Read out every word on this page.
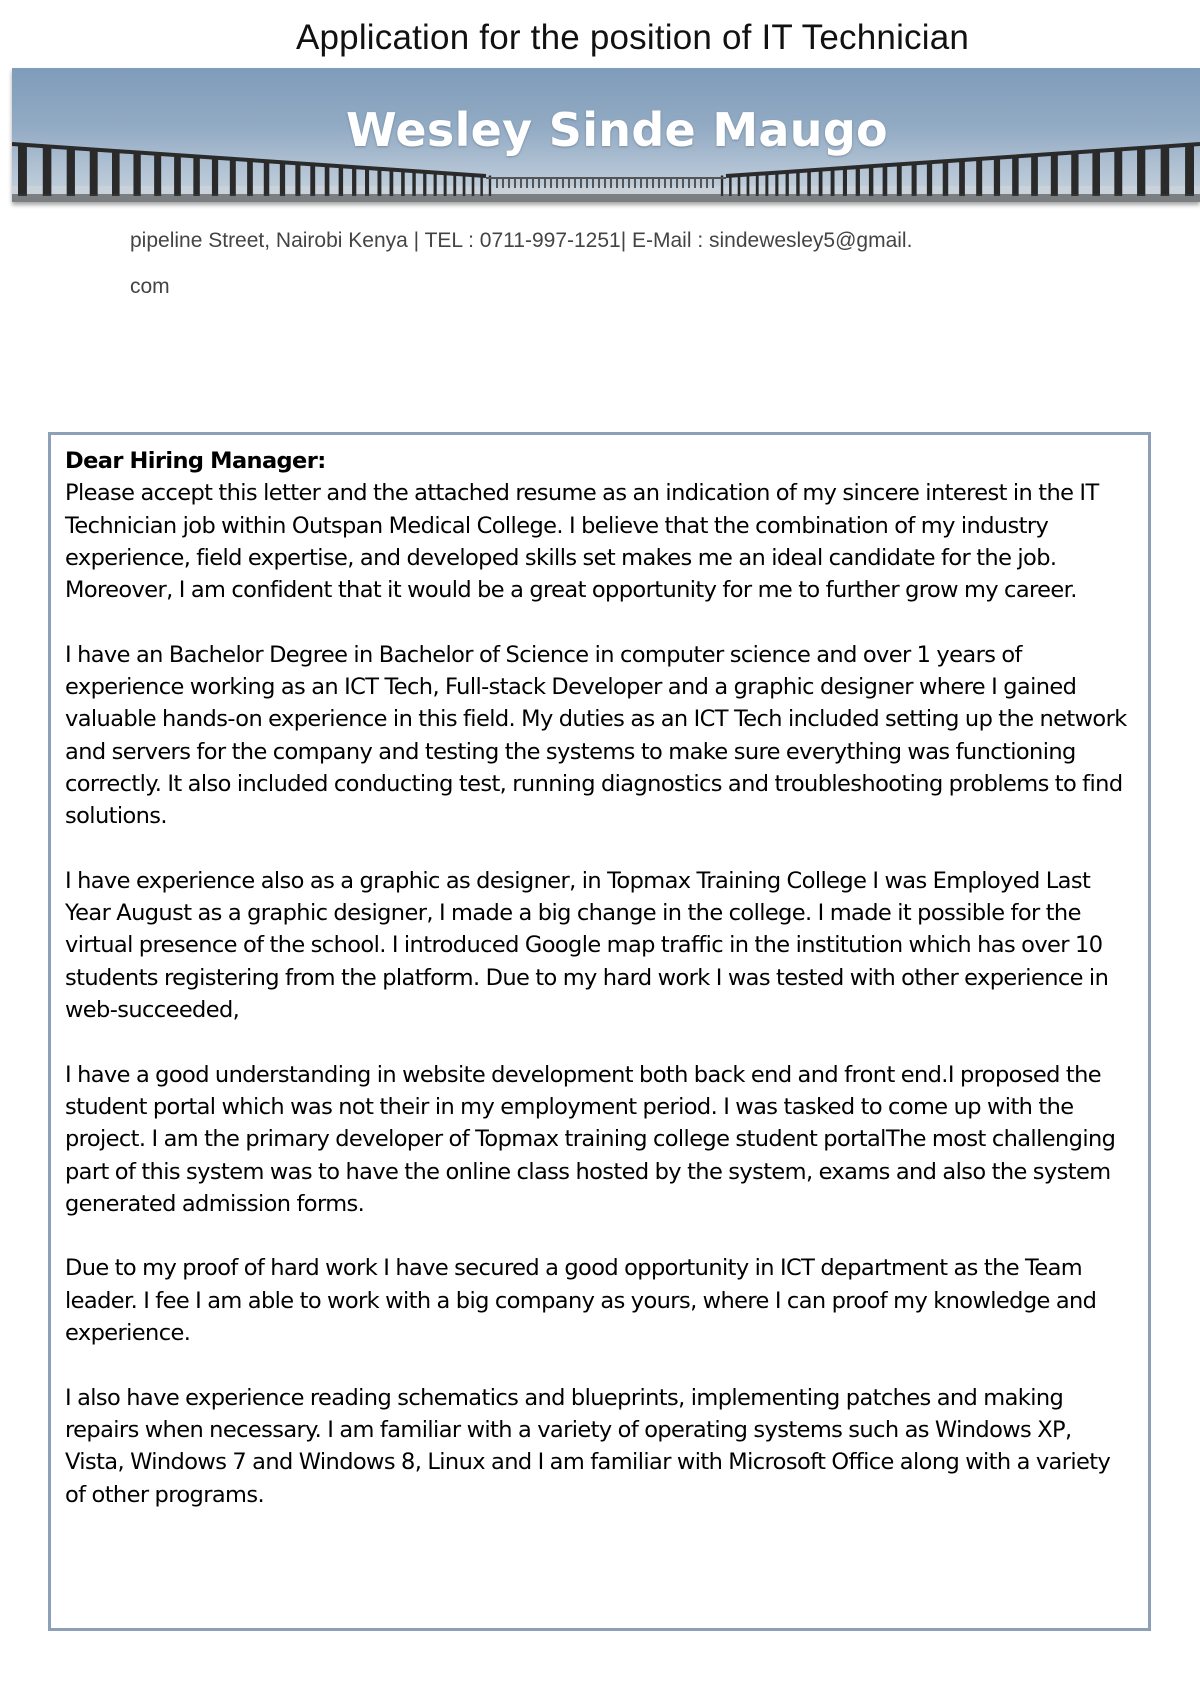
Application for the position of IT Technician
Wesley Sinde Maugo
pipeline Street, Nairobi Kenya | TEL : 0711-997-1251| E-Mail : sindewesley5@gmail.
com
Dear Hiring Manager:

Please accept this letter and the attached resume as an indication of my sincere interest in the IT Technician job within Outspan Medical College. I believe that the combination of my industry experience, field expertise, and developed skills set makes me an ideal candidate for the job. Moreover, I am confident that it would be a great opportunity for me to further grow my career.

I have an Bachelor Degree in Bachelor of Science in computer science and over 1 years of experience working as an ICT Tech, Full-stack Developer and a graphic designer where I gained valuable hands-on experience in this field. My duties as an ICT Tech included setting up the network and servers for the company and testing the systems to make sure everything was functioning correctly. It also included conducting test, running diagnostics and troubleshooting problems to find solutions.

I have experience also as a graphic as designer, in Topmax Training College I was Employed Last Year August as a graphic designer, I made a big change in the college. I made it possible for the virtual presence of the school. I introduced Google map traffic in the institution which has over 10 students registering from the platform. Due to my hard work I was tested with other experience in web-succeeded,

I have a good understanding in website development both back end and front end.I proposed the student portal which was not their in my employment period. I was tasked to come up with the project. I am the primary developer of Topmax training college student portalThe most challenging part of this system was to have the online class hosted by the system, exams and also the system generated admission forms.

Due to my proof of hard work I have secured a good opportunity in ICT department as the Team leader. I fee I am able to work with a big company as yours, where I can proof my knowledge and experience.

I also have experience reading schematics and blueprints, implementing patches and making repairs when necessary. I am familiar with a variety of operating systems such as Windows XP, Vista, Windows 7 and Windows 8, Linux and I am familiar with Microsoft Office along with a variety of other programs.
